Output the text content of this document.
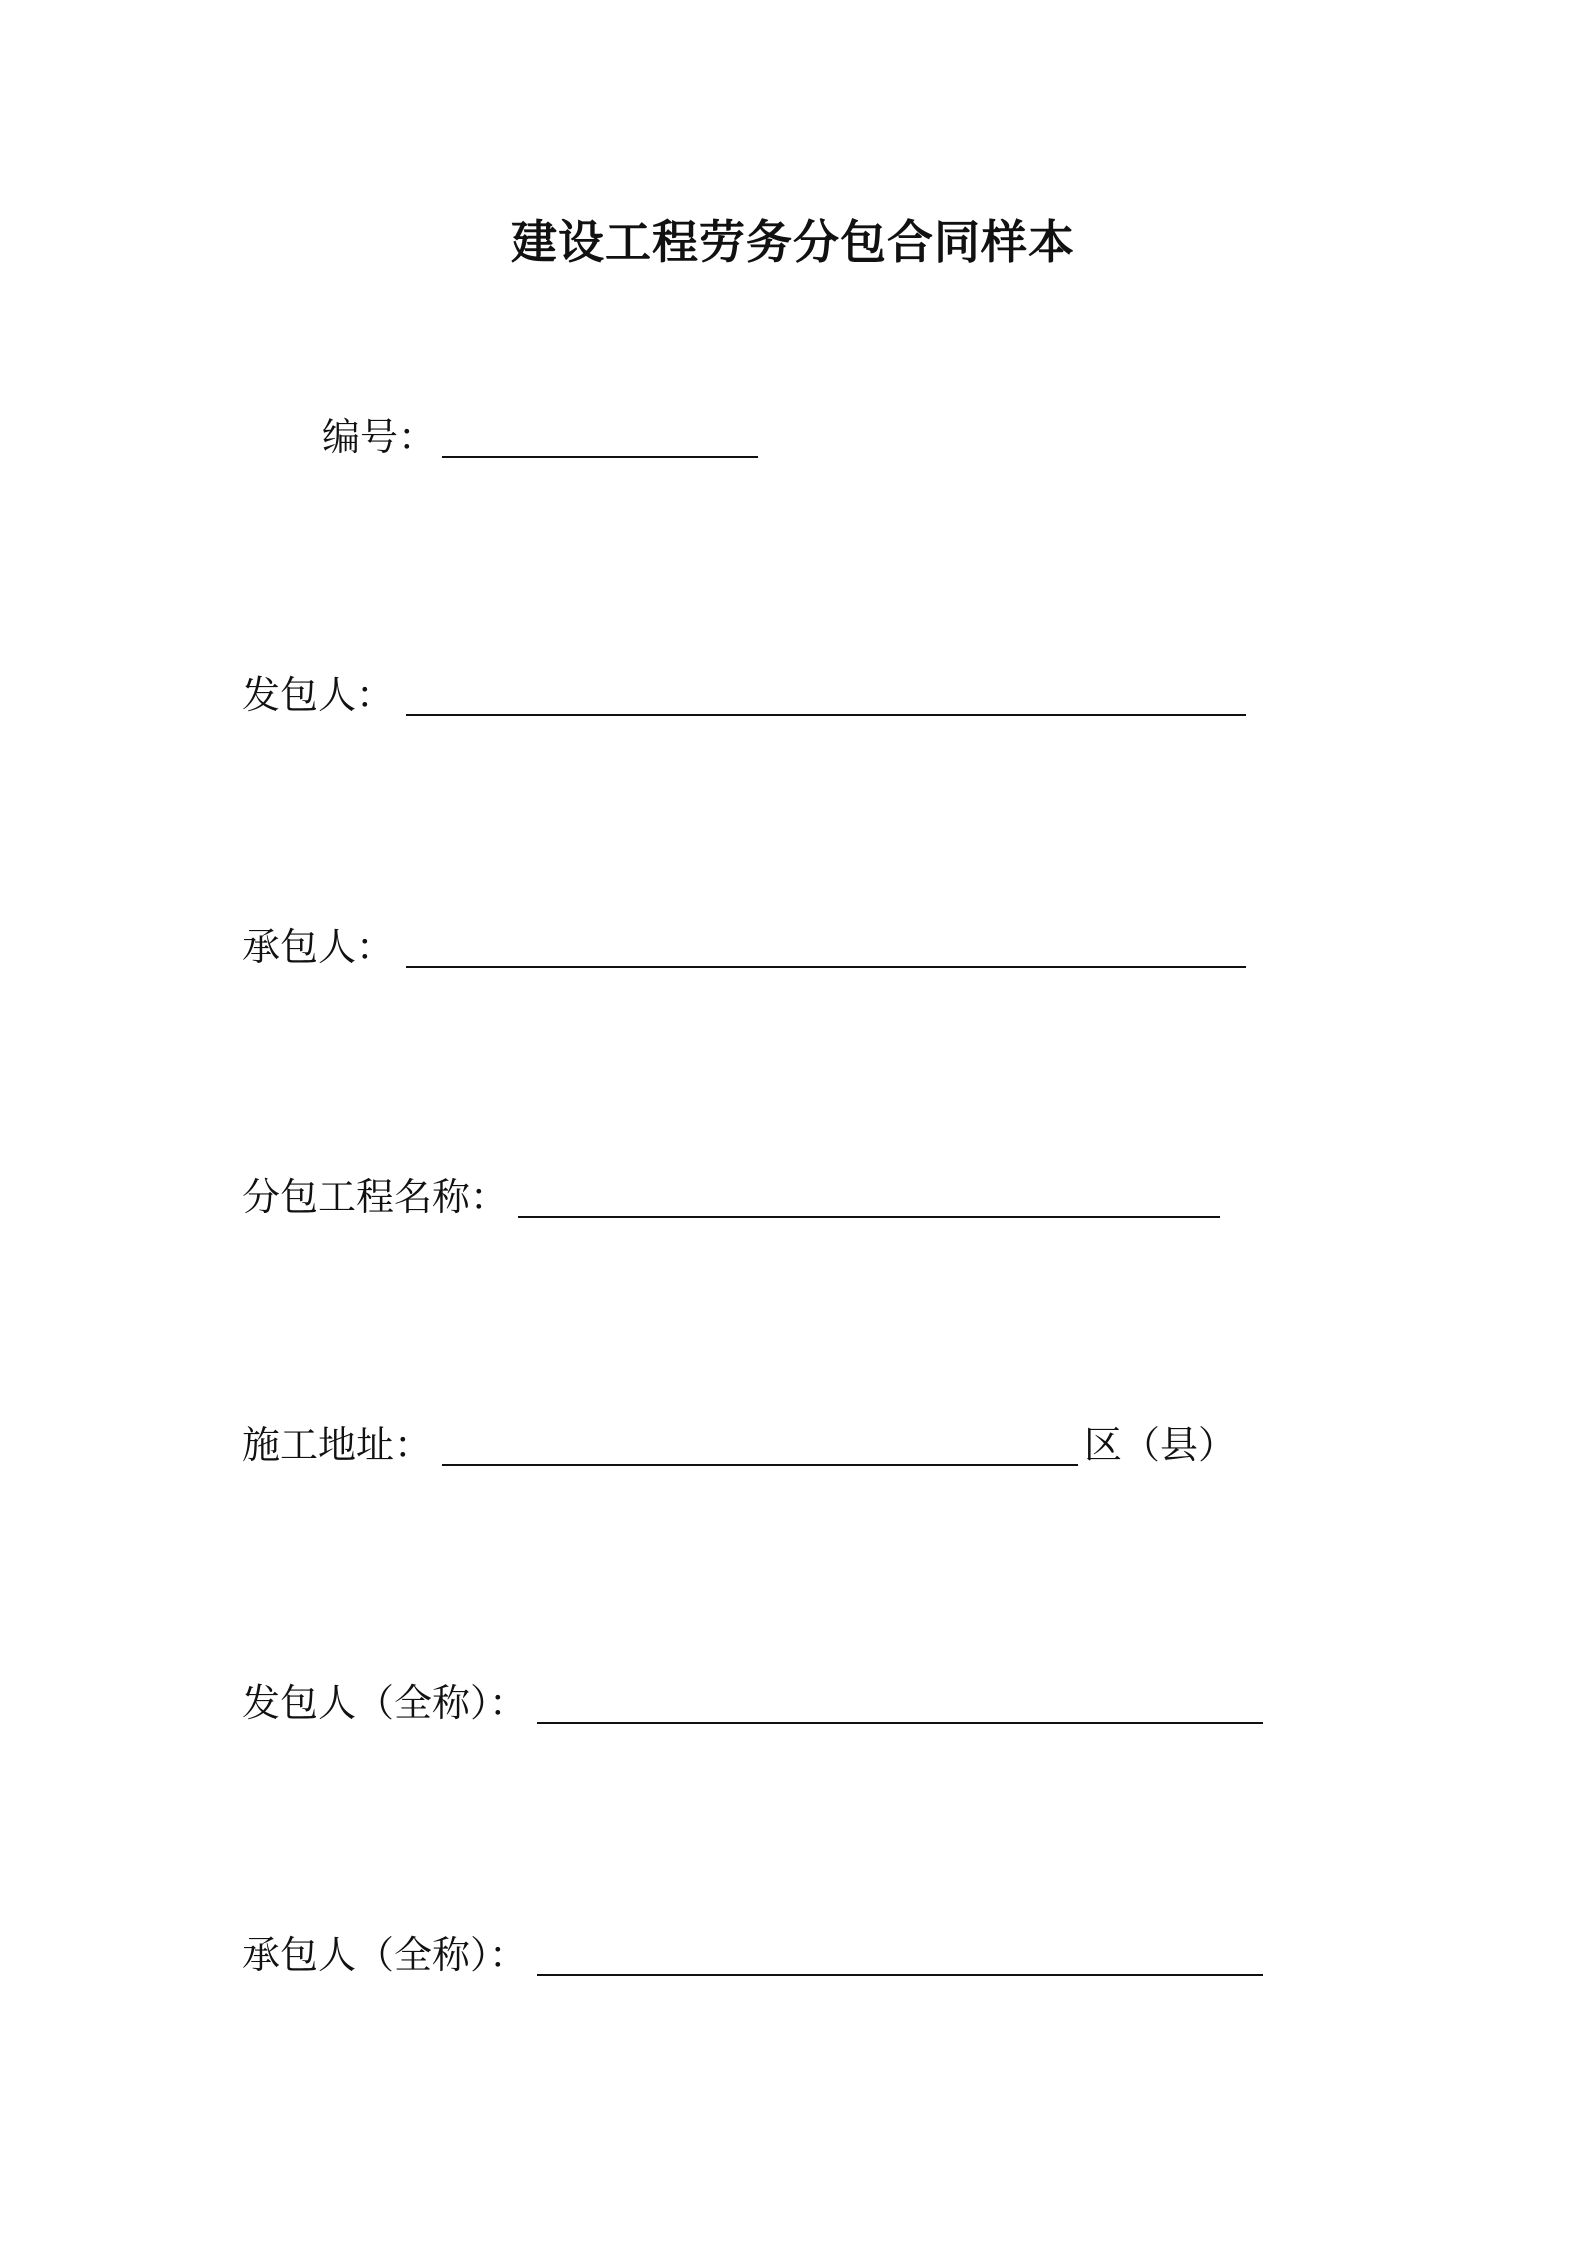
建设工程劳务分包合同样本
编号：
发包人：
承包人：
分包工程名称：
施工地址：	区（县）
发包人（全称）：
承包人（全称）：
